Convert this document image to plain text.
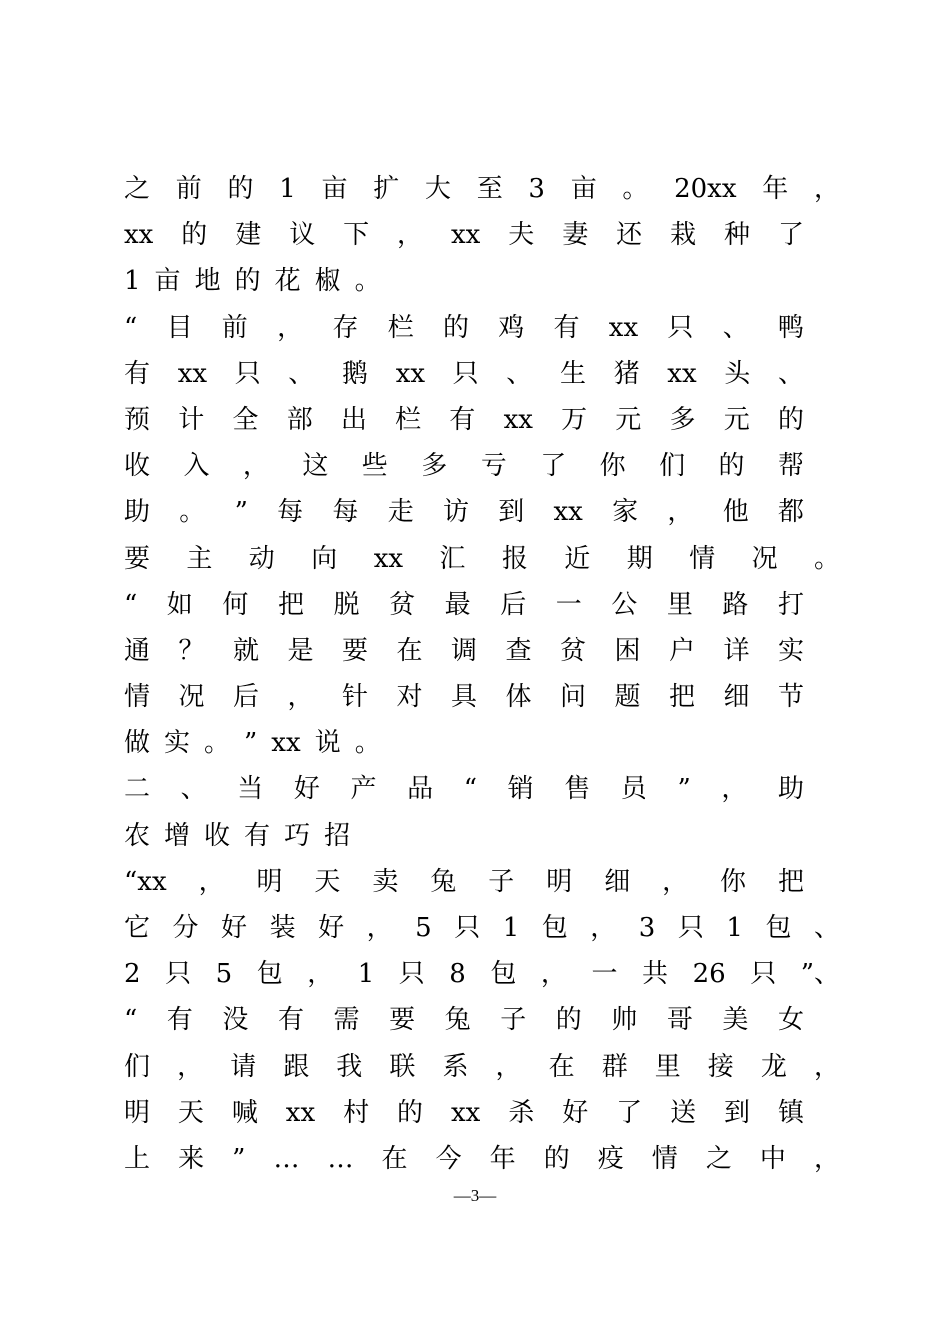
之 前 的 1 亩 扩 大 至 3 亩 。 20xx 年 ，
xx 的 建 议 下 ， xx 夫 妻 还 栽 种 了
1 亩 地 的 花 椒 。
“ 目 前 ， 存 栏 的 鸡 有 xx 只 、 鸭
有 xx 只 、 鹅 xx 只 、 生 猪 xx 头 、
预 计 全 部 出 栏 有 xx 万 元 多 元 的
收 入 ， 这 些 多 亏 了 你 们 的 帮
助 。 ” 每 每 走 访 到 xx 家 ， 他 都
要 主 动 向 xx 汇 报 近 期 情 况 。
“ 如 何 把 脱 贫 最 后 一 公 里 路 打
通 ？ 就 是 要 在 调 查 贫 困 户 详 实
情 况 后 ， 针 对 具 体 问 题 把 细 节
做 实 。 ” xx 说 。
二 、 当 好 产 品 “ 销 售 员 ” ， 助
农 增 收 有 巧 招
“xx ， 明 天 卖 兔 子 明 细 ， 你 把
它 分 好 装 好 ， 5 只 1 包 ， 3 只 1 包 、
2 只 5 包 ， 1 只 8 包 ， 一 共 26 只 ”、
“ 有 没 有 需 要 兔 子 的 帅 哥 美 女
们 ， 请 跟 我 联 系 ， 在 群 里 接 龙 ，
明 天 喊 xx 村 的 xx 杀 好 了 送 到 镇
上 来 ” … … 在 今 年 的 疫 情 之 中 ，
—3—
